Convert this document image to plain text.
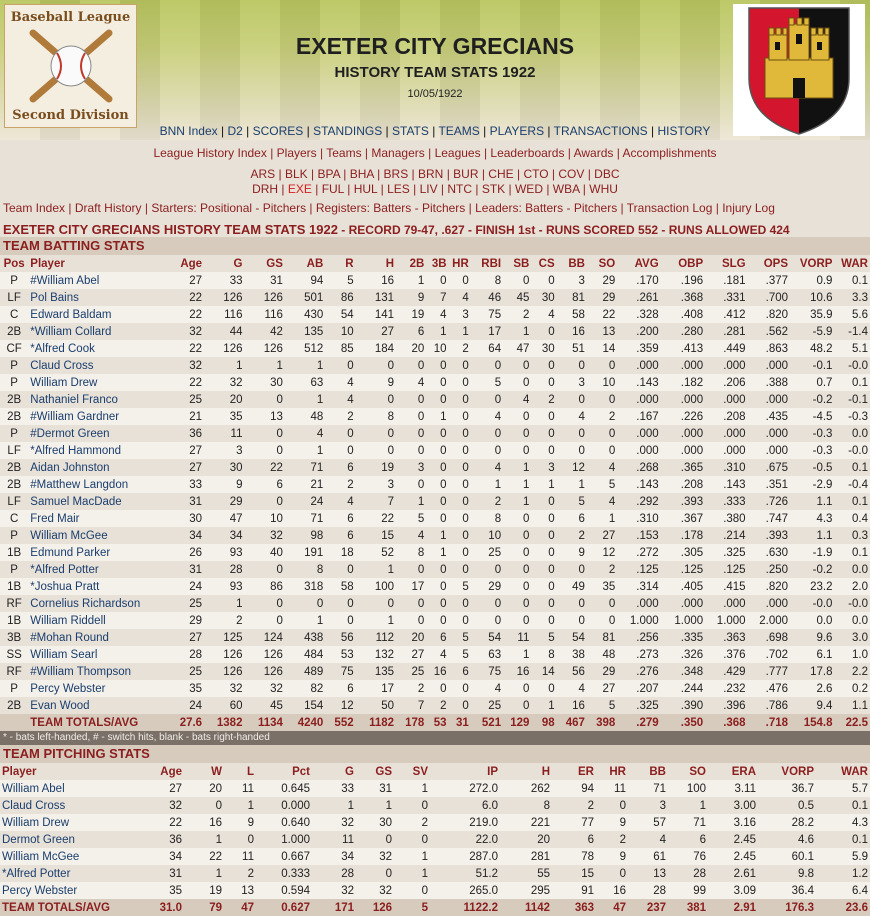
Baseball League
Second Division
EXETER CITY GRECIANS
HISTORY TEAM STATS 1922
10/05/1922
BNN Index | D2 | SCORES | STANDINGS | STATS | TEAMS | PLAYERS | TRANSACTIONS | HISTORY
League History Index | Players | Teams | Managers | Leagues | Leaderboards | Awards | Accomplishments
ARS | BLK | BPA | BHA | BRS | BRN | BUR | CHE | CTO | COV | DBC
DRH | EXE | FUL | HUL | LES | LIV | NTC | STK | WED | WBA | WHU
Team Index | Draft History | Starters: Positional - Pitchers | Registers: Batters - Pitchers | Leaders: Batters - Pitchers | Transaction Log | Injury Log
EXETER CITY GRECIANS HISTORY TEAM STATS 1922 - RECORD 79-47, .627 - FINISH 1st - RUNS SCORED 552 - RUNS ALLOWED 424
TEAM BATTING STATS
Pos	Player	Age	G	GS	AB	R	H	2B	3B	HR	RBI	SB	CS	BB	SO	AVG	OBP	SLG	OPS	VORP	WAR
P	#William Abel	27	33	31	94	5	16	1	0	0	8	0	0	3	29	.170	.196	.181	.377	0.9	0.1
LF	Pol Bains	22	126	126	501	86	131	9	7	4	46	45	30	81	29	.261	.368	.331	.700	10.6	3.3
C	Edward Baldam	22	116	116	430	54	141	19	4	3	75	2	4	58	22	.328	.408	.412	.820	35.9	5.6
2B	*William Collard	32	44	42	135	10	27	6	1	1	17	1	0	16	13	.200	.280	.281	.562	-5.9	-1.4
CF	*Alfred Cook	22	126	126	512	85	184	20	10	2	64	47	30	51	14	.359	.413	.449	.863	48.2	5.1
P	Claud Cross	32	1	1	1	0	0	0	0	0	0	0	0	0	0	.000	.000	.000	.000	-0.1	-0.0
P	William Drew	22	32	30	63	4	9	4	0	0	5	0	0	3	10	.143	.182	.206	.388	0.7	0.1
2B	Nathaniel Franco	25	20	0	1	4	0	0	0	0	0	4	2	0	0	.000	.000	.000	.000	-0.2	-0.1
2B	#William Gardner	21	35	13	48	2	8	0	1	0	4	0	0	4	2	.167	.226	.208	.435	-4.5	-0.3
P	#Dermot Green	36	11	0	4	0	0	0	0	0	0	0	0	0	0	.000	.000	.000	.000	-0.3	0.0
LF	*Alfred Hammond	27	3	0	1	0	0	0	0	0	0	0	0	0	0	.000	.000	.000	.000	-0.3	-0.0
2B	Aidan Johnston	27	30	22	71	6	19	3	0	0	4	1	3	12	4	.268	.365	.310	.675	-0.5	0.1
2B	#Matthew Langdon	33	9	6	21	2	3	0	0	0	1	1	1	1	5	.143	.208	.143	.351	-2.9	-0.4
LF	Samuel MacDade	31	29	0	24	4	7	1	0	0	2	1	0	5	4	.292	.393	.333	.726	1.1	0.1
C	Fred Mair	30	47	10	71	6	22	5	0	0	8	0	0	6	1	.310	.367	.380	.747	4.3	0.4
P	William McGee	34	34	32	98	6	15	4	1	0	10	0	0	2	27	.153	.178	.214	.393	1.1	0.3
1B	Edmund Parker	26	93	40	191	18	52	8	1	0	25	0	0	9	12	.272	.305	.325	.630	-1.9	0.1
P	*Alfred Potter	31	28	0	8	0	1	0	0	0	0	0	0	0	2	.125	.125	.125	.250	-0.2	0.0
1B	*Joshua Pratt	24	93	86	318	58	100	17	0	5	29	0	0	49	35	.314	.405	.415	.820	23.2	2.0
RF	Cornelius Richardson	25	1	0	0	0	0	0	0	0	0	0	0	0	0	.000	.000	.000	.000	-0.0	-0.0
1B	William Riddell	29	2	0	1	0	1	0	0	0	0	0	0	0	0	1.000	1.000	1.000	2.000	0.0	0.0
3B	#Mohan Round	27	125	124	438	56	112	20	6	5	54	11	5	54	81	.256	.335	.363	.698	9.6	3.0
SS	William Searl	28	126	126	484	53	132	27	4	5	63	1	8	38	48	.273	.326	.376	.702	6.1	1.0
RF	#William Thompson	25	126	126	489	75	135	25	16	6	75	16	14	56	29	.276	.348	.429	.777	17.8	2.2
P	Percy Webster	35	32	32	82	6	17	2	0	0	4	0	0	4	27	.207	.244	.232	.476	2.6	0.2
2B	Evan Wood	24	60	45	154	12	50	7	2	0	25	0	1	16	5	.325	.390	.396	.786	9.4	1.1
	TEAM TOTALS/AVG	27.6	1382	1134	4240	552	1182	178	53	31	521	129	98	467	398	.279	.350	.368	.718	154.8	22.5
* - bats left-handed, # - switch hits, blank - bats right-handed
TEAM PITCHING STATS
Player	Age	W	L	Pct	G	GS	SV	IP	H	ER	HR	BB	SO	ERA	VORP	WAR
William Abel	27	20	11	0.645	33	31	1	272.0	262	94	11	71	100	3.11	36.7	5.7
Claud Cross	32	0	1	0.000	1	1	0	6.0	8	2	0	3	1	3.00	0.5	0.1
William Drew	22	16	9	0.640	32	30	2	219.0	221	77	9	57	71	3.16	28.2	4.3
Dermot Green	36	1	0	1.000	11	0	0	22.0	20	6	2	4	6	2.45	4.6	0.1
William McGee	34	22	11	0.667	34	32	1	287.0	281	78	9	61	76	2.45	60.1	5.9
*Alfred Potter	31	1	2	0.333	28	0	1	51.2	55	15	0	13	28	2.61	9.8	1.2
Percy Webster	35	19	13	0.594	32	32	0	265.0	295	91	16	28	99	3.09	36.4	6.4
TEAM TOTALS/AVG	31.0	79	47	0.627	171	126	5	1122.2	1142	363	47	237	381	2.91	176.3	23.6
